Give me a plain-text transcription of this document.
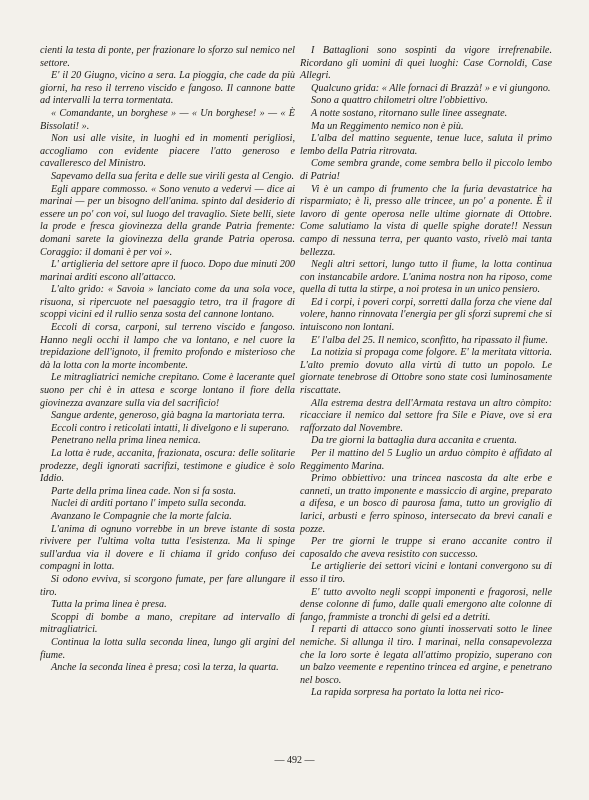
cienti la testa di ponte, per frazionare lo sforzo sul nemico nel settore.

E' il 20 Giugno, vicino a sera. La pioggia, che cade da più giorni, ha reso il terreno viscido e fangoso. Il cannone batte ad intervalli la terra tormentata.

« Comandante, un borghese » — « Un borghese! » — « È Bissolati! ».

Non usi alle visite, in luoghi ed in momenti perigliosi, accogliamo con evidente piacere l'atto generoso e cavalleresco del Ministro.

Sapevamo della sua ferita e delle sue virili gesta al Cengio.

Egli appare commosso. « Sono venuto a vedervi — dice ai marinai — per un bisogno dell'anima. spinto dal desiderio di essere un po' con voi, sul luogo del travaglio. Siete belli, siete la prode e fresca giovinezza della grande Patria fremente: domani sarete la giovinezza della grande Patria operosa. Coraggio: il domani è per voi ».

L' artiglieria del settore apre il fuoco. Dopo due minuti 200 marinai arditi escono all'attacco.

L'alto grido: « Savoia » lanciato come da una sola voce, risuona, si ripercuote nel paesaggio tetro, tra il fragore di scoppi vicini ed il rullio senza sosta del cannone lontano.

Eccoli di corsa, carponi, sul terreno viscido e fangoso. Hanno negli occhi il lampo che va lontano, e nel cuore la trepidazione dell'ignoto, il fremito profondo e misterioso che dà la lotta con la morte incombente.

Le mitragliatrici nemiche crepitano. Come è lacerante quel suono per chi è in attesa e scorge lontano il fiore della giovinezza avanzare sulla via del sacrificio!

Sangue ardente, generoso, già bagna la martoriata terra.

Eccoli contro i reticolati intatti, li divelgono e li superano.

Penetrano nella prima linea nemica.

La lotta è rude, accanita, frazionata, oscura: delle solitarie prodezze, degli ignorati sacrifizi, testimone e giudice è solo Iddio.

Parte della prima linea cade. Non si fa sosta.

Nuclei di arditi portano l' impeto sulla seconda.

Avanzano le Compagnie che la morte falcia.

L'anima di ognuno vorrebbe in un breve istante di sosta rivivere per l'ultima volta tutta l'esistenza. Ma li spinge sull'ardua via il dovere e li chiama il grido confuso dei compagni in lotta.

Si odono evviva, si scorgono fumate, per fare allungare il tiro.

Tutta la prima linea è presa.

Scoppi di bombe a mano, crepitare ad intervallo di mitragliatrici.

Continua la lotta sulla seconda linea, lungo gli argini del fiume.

Anche la seconda linea è presa; così la terza, la quarta.

I Battaglioni sono sospinti da vigore irrefrenabile. Ricordano gli uomini di quei luoghi: Case Cornoldi, Case Allegri.

Qualcuno grida: « Alle fornaci di Brazzà! » e vi giungono.

Sono a quattro chilometri oltre l'obbiettivo.

A notte sostano, ritornano sulle linee assegnate.

Ma un Reggimento nemico non è più.

L'alba del mattino seguente, tenue luce, saluta il primo lembo della Patria ritrovata.

Come sembra grande, come sembra bello il piccolo lembo di Patria!

Vi è un campo di frumento che la furia devastatrice ha risparmiato; è lì, presso alle trincee, un po' a ponente. È il lavoro di gente operosa nelle ultime giornate di Ottobre. Come salutiamo la vista di quelle spighe dorate!! Nessun campo di nessuna terra, per quanto vasto, rivelò mai tanta bellezza.

Negli altri settori, lungo tutto il fiume, la lotta continua con instancabile ardore. L'anima nostra non ha riposo, come quella di tutta la stirpe, a noi protesa in un unico pensiero.

Ed i corpi, i poveri corpi, sorretti dalla forza che viene dal volere, hanno rinnovata l'energia per gli sforzi supremi che si intuiscono non lontani.

E' l'alba del 25. Il nemico, sconfitto, ha ripassato il fiume.

La notizia si propaga come folgore. E' la meritata vittoria. L'alto premio dovuto alla virtù di tutto un popolo. Le giornate tenebrose di Ottobre sono state così luminosamente riscattate.

Alla estrema destra dell'Armata restava un altro còmpito: ricacciare il nemico dal settore fra Sile e Piave, ove si era rafforzato dal Novembre.

Da tre giorni la battaglia dura accanita e cruenta.

Per il mattino del 5 Luglio un arduo còmpito è affidato al Reggimento Marina.

Primo obbiettivo: una trincea nascosta da alte erbe e canneti, un tratto imponente e massiccio di argine, preparato a difesa, e un bosco di paurosa fama, tutto un groviglio di larici, arbusti e ferro spinoso, intersecato da brevi canali e pozze.

Per tre giorni le truppe si erano accanite contro il caposaldo che aveva resistito con successo.

Le artiglierie dei settori vicini e lontani convergono su di esso il tiro.

E' tutto avvolto negli scoppi imponenti e fragorosi, nelle dense colonne di fumo, dalle quali emergono alte colonne di fango, frammiste a tronchi di gelsi ed a detriti.

I reparti di attacco sono giunti inosservati sotto le linee nemiche. Si allunga il tiro. I marinai, nella consapevolezza che la loro sorte è legata all'attimo propizio, superano con un balzo veemente e repentino trincea ed argine, e penetrano nel bosco.

La rapida sorpresa ha portato la lotta nei rico-

— 492 —
